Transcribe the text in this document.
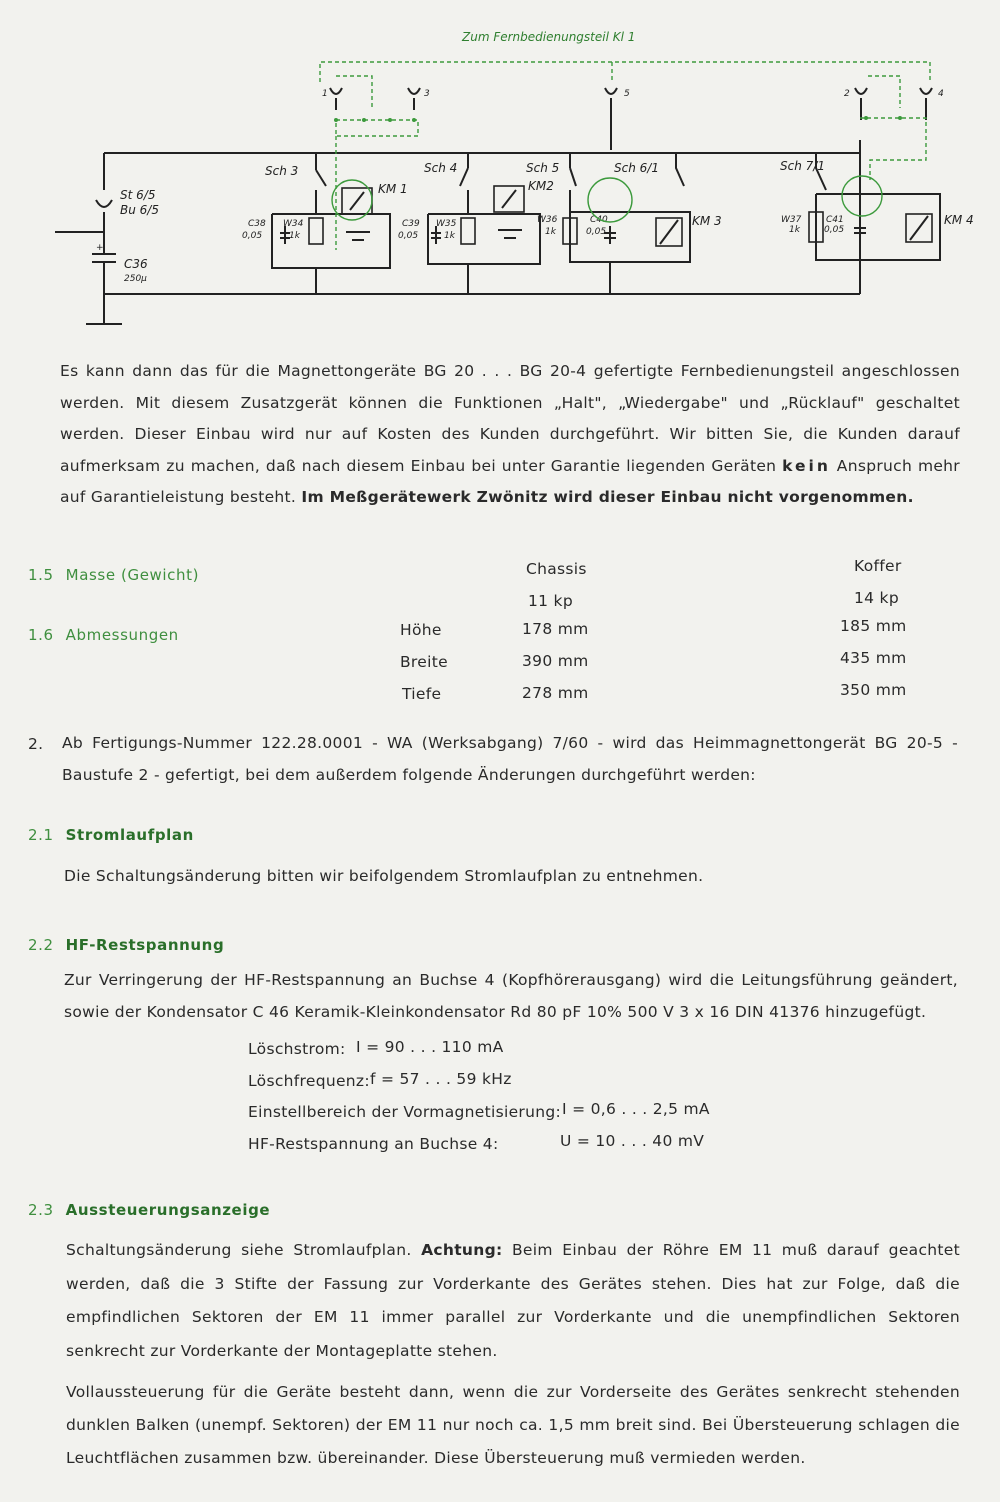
Zum Fernbedienungsteil Kl 1
1	3	5	2	4
St 6/5
Bu 6/5
+
C36
250µ
Sch 3
C38
0,05
W34
1k
KM 1
Sch 4
C39
0,05
W35
1k
KM2
Sch 5	Sch 6/1
W36
1k
C40
0,05
KM 3
Sch 7/1
W37
1k
C41
0,05
KM 4
Es kann dann das für die Magnettongeräte BG 20 . . . BG 20-4 gefertigte Fernbedienungsteil angeschlossen werden. Mit diesem Zusatzgerät können die Funktionen „Halt", „Wiedergabe" und „Rücklauf" geschaltet werden. Dieser Einbau wird nur auf Kosten des Kunden durchgeführt. Wir bitten Sie, die Kunden darauf aufmerksam zu machen, daß nach diesem Einbau bei unter Garantie liegenden Geräten kein Anspruch mehr auf Garantieleistung besteht. Im Meßgerätewerk Zwönitz wird dieser Einbau nicht vorgenommen.
1.5 Masse (Gewicht)
1.6 Abmessungen
Chassis	Koffer
11 kp	14 kp
Höhe	178 mm	185 mm
Breite	390 mm	435 mm
Tiefe	278 mm	350 mm
2. Ab Fertigungs-Nummer 122.28.0001 - WA (Werksabgang) 7/60 - wird das Heimmagnettongerät BG 20-5 - Baustufe 2 - gefertigt, bei dem außerdem folgende Änderungen durchgeführt werden:
2.1 Stromlaufplan
Die Schaltungsänderung bitten wir beifolgendem Stromlaufplan zu entnehmen.
2.2 HF-Restspannung
Zur Verringerung der HF-Restspannung an Buchse 4 (Kopfhörerausgang) wird die Leitungsführung geändert, sowie der Kondensator C 46 Keramik-Kleinkondensator Rd 80 pF 10% 500 V 3 x 16 DIN 41376 hinzugefügt.
Löschstrom: I = 90 . . . 110 mA
Löschfrequenz: f = 57 . . . 59 kHz
Einstellbereich der Vormagnetisierung: I = 0,6 . . . 2,5 mA
HF-Restspannung an Buchse 4:	U = 10 . . . 40 mV
2.3 Aussteuerungsanzeige
Schaltungsänderung siehe Stromlaufplan. Achtung: Beim Einbau der Röhre EM 11 muß darauf geachtet werden, daß die 3 Stifte der Fassung zur Vorderkante des Gerätes stehen. Dies hat zur Folge, daß die empfindlichen Sektoren der EM 11 immer parallel zur Vorderkante und die unempfindlichen Sektoren senkrecht zur Vorderkante der Montageplatte stehen.
Vollaussteuerung für die Geräte besteht dann, wenn die zur Vorderseite des Gerätes senkrecht stehenden dunklen Balken (unempf. Sektoren) der EM 11 nur noch ca. 1,5 mm breit sind. Bei Übersteuerung schlagen die Leuchtflächen zusammen bzw. übereinander. Diese Übersteuerung muß vermieden werden.
